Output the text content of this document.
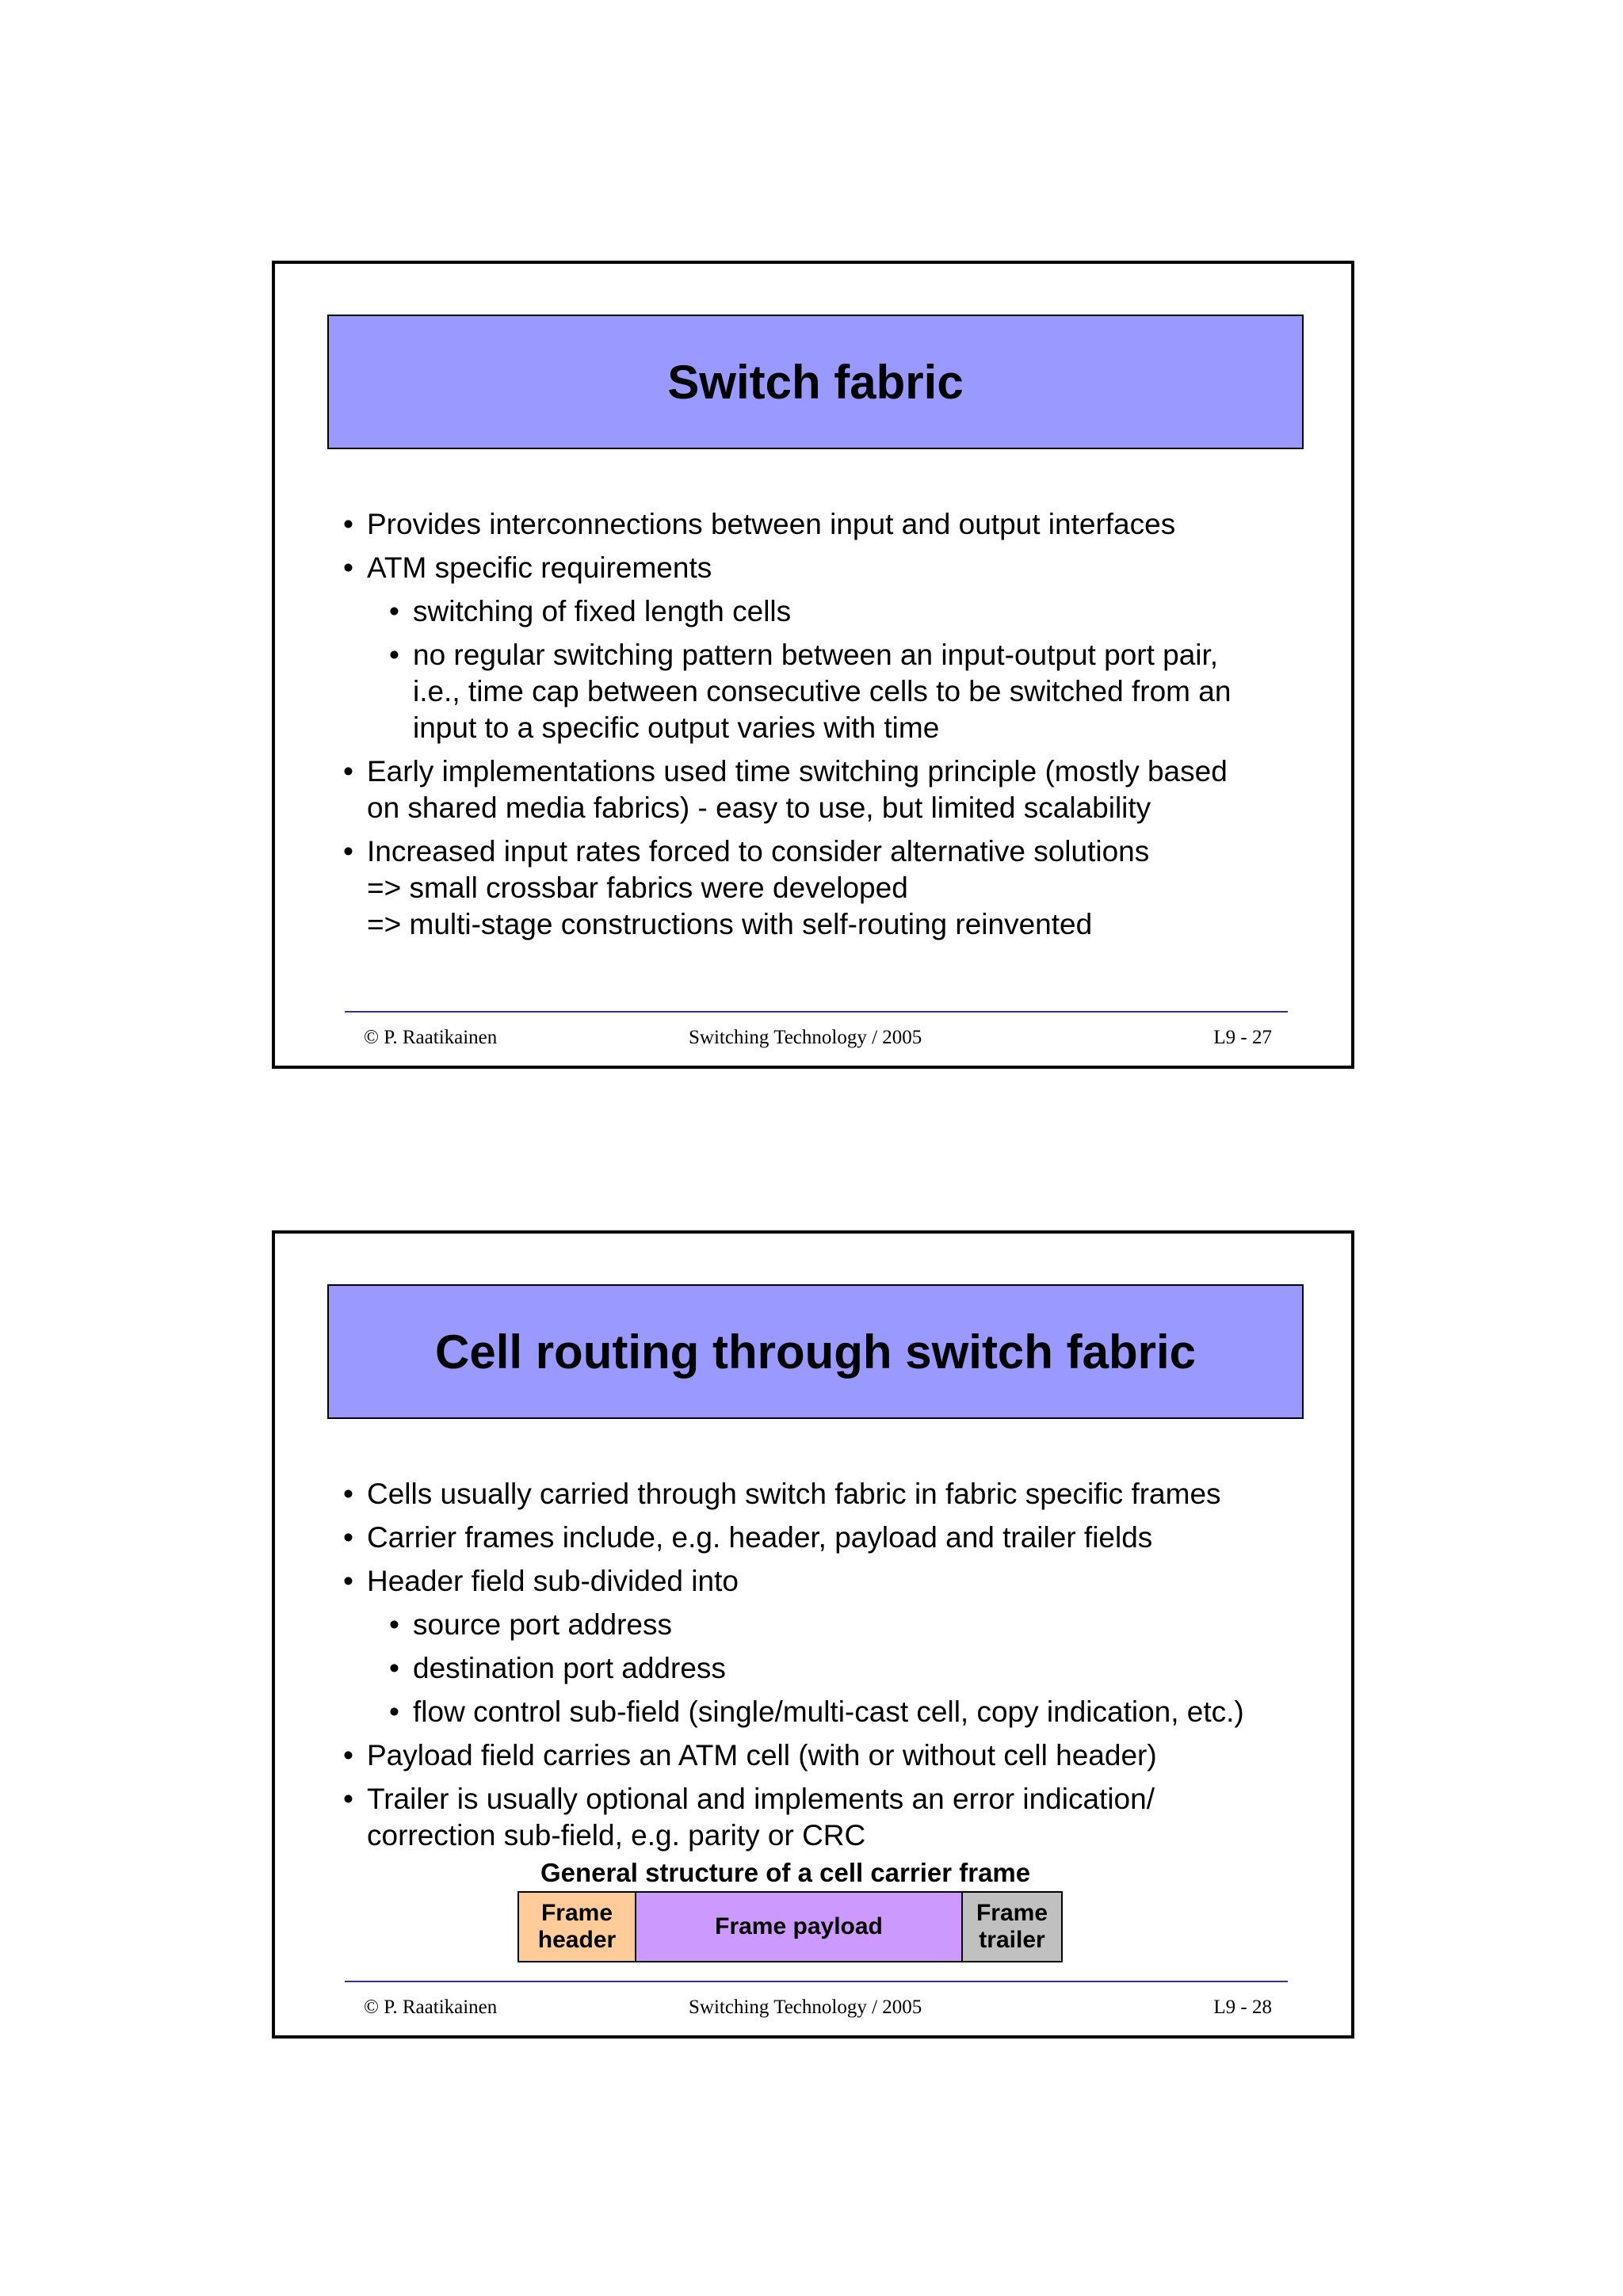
Switch fabric
• Provides interconnections between input and output interfaces
• ATM specific requirements
• switching of fixed length cells
• no regular switching pattern between an input-output port pair,
i.e., time cap between consecutive cells to be switched from an
input to a specific output varies with time
• Early implementations used time switching principle (mostly based
on shared media fabrics) - easy to use, but limited scalability
• Increased input rates forced to consider alternative solutions
=> small crossbar fabrics were developed
=> multi-stage constructions with self-routing reinvented
© P. Raatikainen	Switching Technology / 2005	L9 - 27
Cell routing through switch fabric
• Cells usually carried through switch fabric in fabric specific frames
• Carrier frames include, e.g. header, payload and trailer fields
• Header field sub-divided into
• source port address
• destination port address
• flow control sub-field (single/multi-cast cell, copy indication, etc.)
• Payload field carries an ATM cell (with or without cell header)
• Trailer is usually optional and implements an error indication/
correction sub-field, e.g. parity or CRC
General structure of a cell carrier frame
Frame
header
Frame payload
Frame
trailer
© P. Raatikainen	Switching Technology / 2005	L9 - 28
